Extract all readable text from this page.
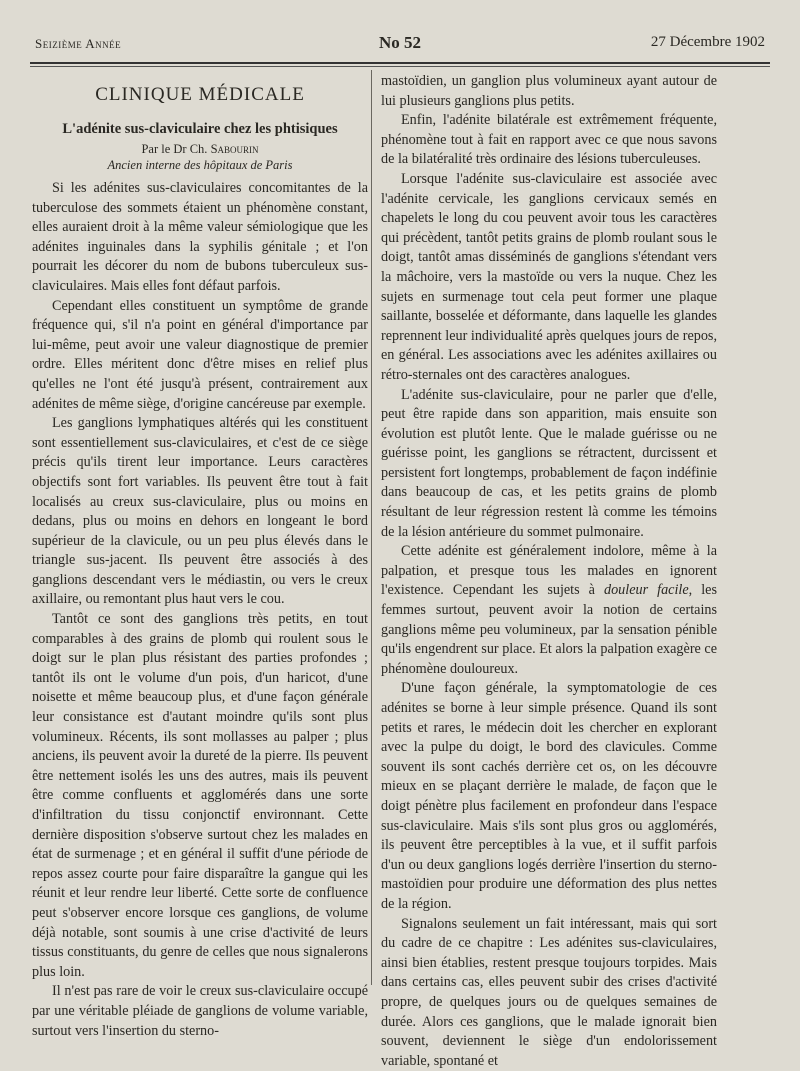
Seizième Année	No 52	27 Décembre 1902
CLINIQUE MÉDICALE
L'adénite sus-claviculaire chez les phtisiques
Par le Dr Ch. Sabourin
Ancien interne des hôpitaux de Paris

Si les adénites sus-claviculaires concomitantes de la tuberculose des sommets étaient un phénomène constant, elles auraient droit à la même valeur sémiologique que les adénites inguinales dans la syphilis génitale ; et l'on pourrait les décorer du nom de bubons tuberculeux sus-claviculaires. Mais elles font défaut parfois.

Cependant elles constituent un symptôme de grande fréquence qui, s'il n'a point en général d'importance par lui-même, peut avoir une valeur diagnostique de premier ordre. Elles méritent donc d'être mises en relief plus qu'elles ne l'ont été jusqu'à présent, contrairement aux adénites de même siège, d'origine cancéreuse par exemple.

Les ganglions lymphatiques altérés qui les constituent sont essentiellement sus-claviculaires, et c'est de ce siège précis qu'ils tirent leur importance. Leurs caractères objectifs sont fort variables. Ils peuvent être tout à fait localisés au creux sus-claviculaire, plus ou moins en dedans, plus ou moins en dehors en longeant le bord supérieur de la clavicule, ou un peu plus élevés dans le triangle sus-jacent. Ils peuvent être associés à des ganglions descendant vers le médiastin, ou vers le creux axillaire, ou remontant plus haut vers le cou.

Tantôt ce sont des ganglions très petits, en tout comparables à des grains de plomb qui roulent sous le doigt sur le plan plus résistant des parties profondes ; tantôt ils ont le volume d'un pois, d'un haricot, d'une noisette et même beaucoup plus, et d'une façon générale leur consistance est d'autant moindre qu'ils sont plus volumineux. Récents, ils sont mollasses au palper ; plus anciens, ils peuvent avoir la dureté de la pierre. Ils peuvent être nettement isolés les uns des autres, mais ils peuvent être comme confluents et agglomérés dans une sorte d'infiltration du tissu conjonctif environnant. Cette dernière disposition s'observe surtout chez les malades en état de surmenage ; et en général il suffit d'une période de repos assez courte pour faire disparaître la gangue qui les réunit et leur rendre leur liberté. Cette sorte de confluence peut s'observer encore lorsque ces ganglions, de volume déjà notable, sont soumis à une crise d'activité de leurs tissus constituants, du genre de celles que nous signalerons plus loin.

Il n'est pas rare de voir le creux sus-claviculaire occupé par une véritable pléiade de ganglions de volume variable, surtout vers l'insertion du sterno-

mastoïdien, un ganglion plus volumineux ayant autour de lui plusieurs ganglions plus petits.

Enfin, l'adénite bilatérale est extrêmement fréquente, phénomène tout à fait en rapport avec ce que nous savons de la bilatéralité très ordinaire des lésions tuberculeuses.

Lorsque l'adénite sus-claviculaire est associée avec l'adénite cervicale, les ganglions cervicaux semés en chapelets le long du cou peuvent avoir tous les caractères qui précèdent, tantôt petits grains de plomb roulant sous le doigt, tantôt amas disséminés de ganglions s'étendant vers la mâchoire, vers la mastoïde ou vers la nuque. Chez les sujets en surmenage tout cela peut former une plaque saillante, bosselée et déformante, dans laquelle les glandes reprennent leur individualité après quelques jours de repos, en général. Les associations avec les adénites axillaires ou rétro-sternales ont des caractères analogues.

L'adénite sus-claviculaire, pour ne parler que d'elle, peut être rapide dans son apparition, mais ensuite son évolution est plutôt lente. Que le malade guérisse ou ne guérisse point, les ganglions se rétractent, durcissent et persistent fort longtemps, probablement de façon indéfinie dans beaucoup de cas, et les petits grains de plomb résultant de leur régression restent là comme les témoins de la lésion antérieure du sommet pulmonaire.

Cette adénite est généralement indolore, même à la palpation, et presque tous les malades en ignorent l'existence. Cependant les sujets à douleur facile, les femmes surtout, peuvent avoir la notion de certains ganglions même peu volumineux, par la sensation pénible qu'ils engendrent sur place. Et alors la palpation exagère ce phénomène douloureux.

D'une façon générale, la symptomatologie de ces adénites se borne à leur simple présence. Quand ils sont petits et rares, le médecin doit les chercher en explorant avec la pulpe du doigt, le bord des clavicules. Comme souvent ils sont cachés derrière cet os, on les découvre mieux en se plaçant derrière le malade, de façon que le doigt pénètre plus facilement en profondeur dans l'espace sus-claviculaire. Mais s'ils sont plus gros ou agglomérés, ils peuvent être perceptibles à la vue, et il suffit parfois d'un ou deux ganglions logés derrière l'insertion du sterno-mastoïdien pour produire une déformation des plus nettes de la région.

Signalons seulement un fait intéressant, mais qui sort du cadre de ce chapitre : Les adénites sus-claviculaires, ainsi bien établies, restent presque toujours torpides. Mais dans certains cas, elles peuvent subir des crises d'activité propre, de quelques jours ou de quelques semaines de durée. Alors ces ganglions, que le malade ignorait bien souvent, deviennent le siège d'un endolorissement variable, spontané et
